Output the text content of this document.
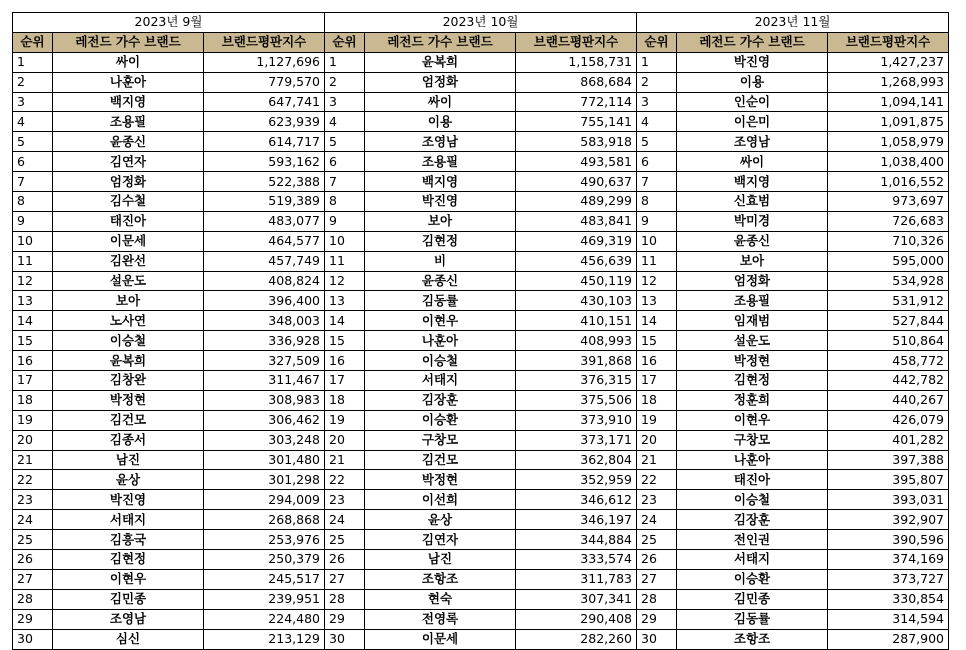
2023년 9월		
순위	레전드 가수 브랜드	브랜드평판지수
1	싸이	1,127,696
2	나훈아	779,570
3	백지영	647,741
4	조용필	623,939
5	윤종신	614,717
6	김연자	593,162
7	엄정화	522,388
8	김수철	519,389
9	태진아	483,077
10	이문세	464,577
11	김완선	457,749
12	설운도	408,824
13	보아	396,400
14	노사연	348,003
15	이승철	336,928
16	윤복희	327,509
17	김창완	311,467
18	박정현	308,983
19	김건모	306,462
20	김종서	303,248
21	남진	301,480
22	윤상	301,298
23	박진영	294,009
24	서태지	268,868
25	김흥국	253,976
26	김현정	250,379
27	이현우	245,517
28	김민종	239,951
29	조영남	224,480
30	심신	213,129
2023년 10월		
순위	레전드 가수 브랜드	브랜드평판지수
1	윤복희	1,158,731
2	엄정화	868,684
3	싸이	772,114
4	이용	755,141
5	조영남	583,918
6	조용필	493,581
7	백지영	490,637
8	박진영	489,299
9	보아	483,841
10	김현정	469,319
11	비	456,639
12	윤종신	450,119
13	김동률	430,103
14	이현우	410,151
15	나훈아	408,993
16	이승철	391,868
17	서태지	376,315
18	김장훈	375,506
19	이승환	373,910
20	구창모	373,171
21	김건모	362,804
22	박정현	352,959
23	이선희	346,612
24	윤상	346,197
25	김연자	344,884
26	남진	333,574
27	조항조	311,783
28	현숙	307,341
29	전영록	290,408
30	이문세	282,260
2023년 11월		
순위	레전드 가수 브랜드	브랜드평판지수
1	박진영	1,427,237
2	이용	1,268,993
3	인순이	1,094,141
4	이은미	1,091,875
5	조영남	1,058,979
6	싸이	1,038,400
7	백지영	1,016,552
8	신효범	973,697
9	박미경	726,683
10	윤종신	710,326
11	보아	595,000
12	엄정화	534,928
13	조용필	531,912
14	임재범	527,844
15	설운도	510,864
16	박정현	458,772
17	김현정	442,782
18	정훈희	440,267
19	이현우	426,079
20	구창모	401,282
21	나훈아	397,388
22	태진아	395,807
23	이승철	393,031
24	김장훈	392,907
25	전인권	390,596
26	서태지	374,169
27	이승환	373,727
28	김민종	330,854
29	김동률	314,594
30	조항조	287,900
